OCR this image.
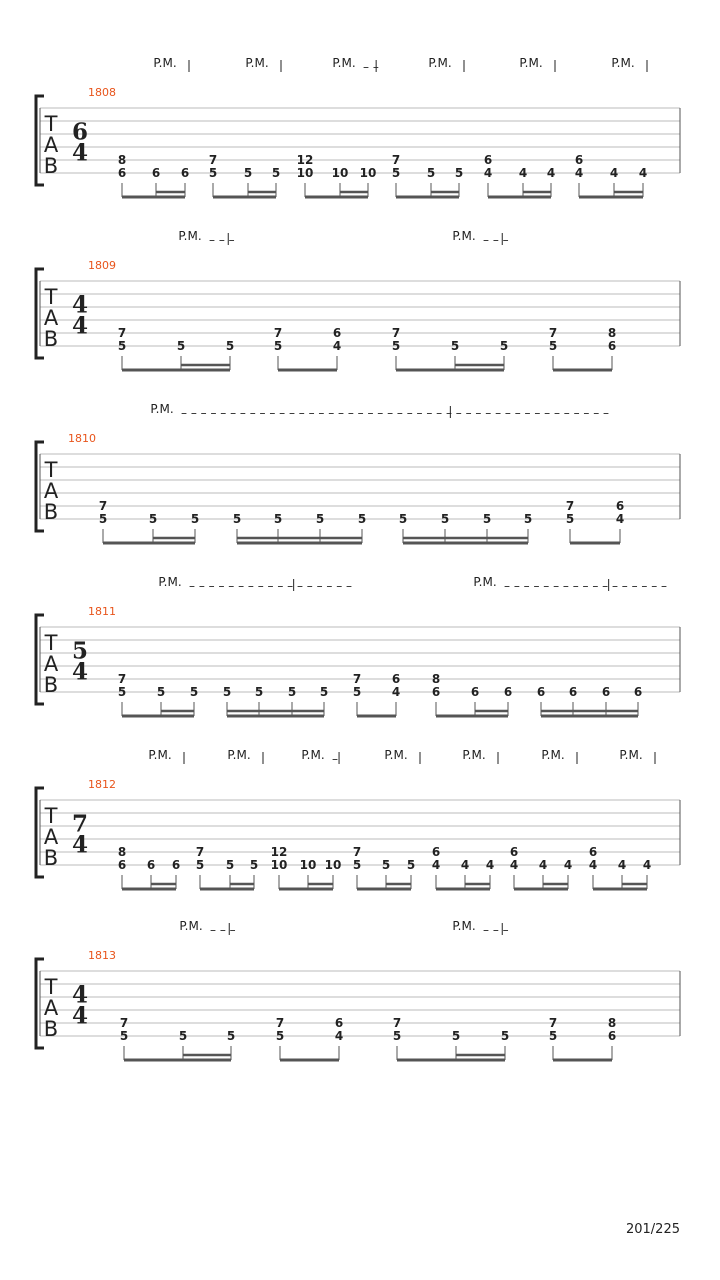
P.M.	P.M.	P.M. – –	P.M.	P.M.	P.M.
1808
T
A
B
6
4 8
6 6 6
7
5 5 5
12
10 10 10
7
5 5 5
6
4 4 4
6
4 4 4
P.M. – – –	P.M. – – –
1809
T
A
B
4
4 7
5	5	5
7
5
6
4
7
5	5	5
7
5
8
6
P.M. – – – – – – – – – – – – – – – – – – – – – – – – – – – – – – – – – – – – – – – – – – – –
1810
T
A
B	7
5	5	5	5	5	5	5	5	5	5	5
7
5
6
4
P.M. – – – – – – – – – – – – – – – – –	P.M. – – – – – – – – – – – – – – – – –
1811
T
A
B
5
4 7
5	5 5 5 5 5 5
7
5
6
4
8
6	6 6 6 6 6 6
P.M.	P.M.	P.M. –	P.M.	P.M.	P.M.	P.M.
1812
T
A
B
7
4 8
6 6 6
7
5 5 5
12
10 10 10
7
5 5 5
6
4 4 4
6
4 4 4
6
4 4 4
P.M. – – –	P.M. – – –
1813
T
A
B
4
4	7
5	5	5
7
5
6
4
7
5	5	5
7
5
8
6
201/225
